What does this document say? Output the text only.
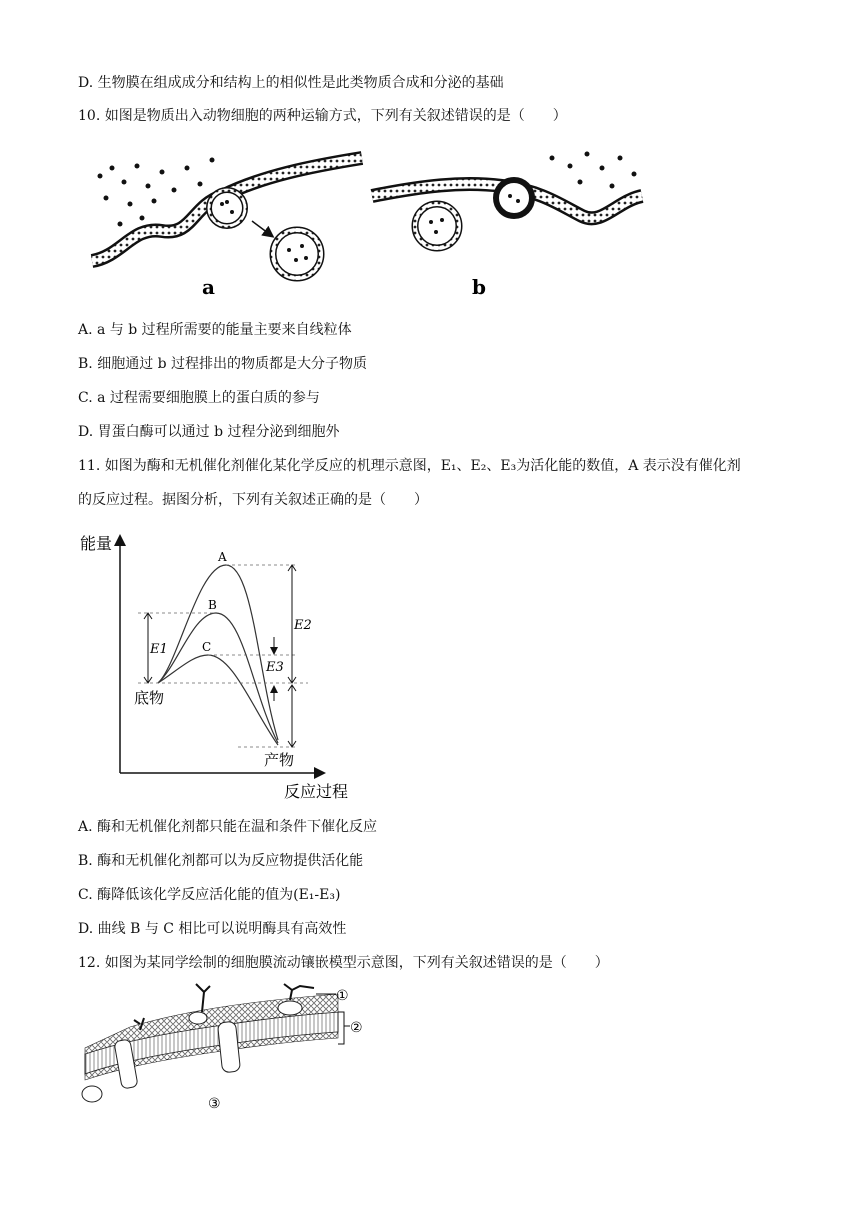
D. 生物膜在组成成分和结构上的相似性是此类物质合成和分泌的基础
10. 如图是物质出入动物细胞的两种运输方式，下列有关叙述错误的是（　　）
a	b
A. a 与 b 过程所需要的能量主要来自线粒体
B. 细胞通过 b 过程排出的物质都是大分子物质
C. a 过程需要细胞膜上的蛋白质的参与
D. 胃蛋白酶可以通过 b 过程分泌到细胞外
11. 如图为酶和无机催化剂催化某化学反应的机理示意图，E₁、E₂、E₃为活化能的数值，A 表示没有催化剂
的反应过程。据图分析，下列有关叙述正确的是（　　）
能量
反应过程
A
B
C
E1
E2
E3
底物
产物
A. 酶和无机催化剂都只能在温和条件下催化反应
B. 酶和无机催化剂都可以为反应物提供活化能
C. 酶降低该化学反应活化能的值为(E₁-E₃)
D. 曲线 B 与 C 相比可以说明酶具有高效性
12. 如图为某同学绘制的细胞膜流动镶嵌模型示意图，下列有关叙述错误的是（　　）
①
②
③
